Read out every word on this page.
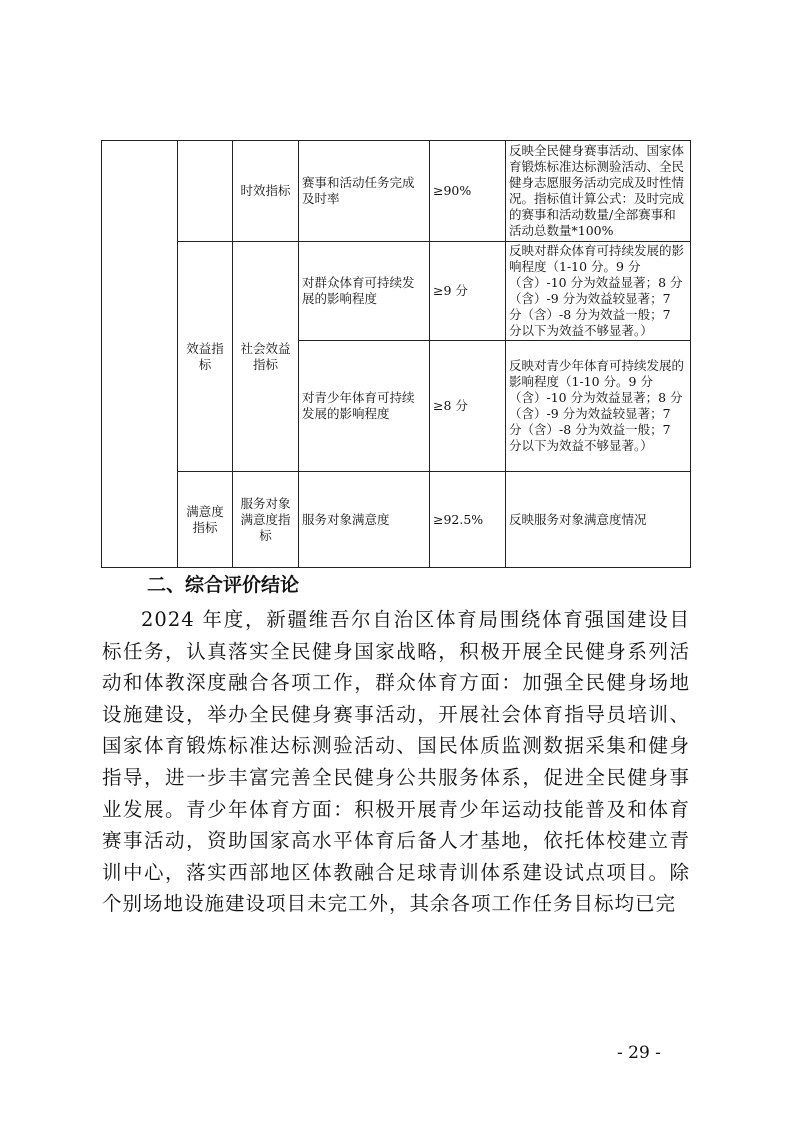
		时效指标	赛事和活动任务完成及时率	≥90%	反映全民健身赛事活动、国家体育锻炼标准达标测验活动、全民健身志愿服务活动完成及时性情况。指标值计算公式：及时完成的赛事和活动数量/全部赛事和活动总数量*100%
	效益指标	社会效益指标	对群众体育可持续发展的影响程度	≥9 分	反映对群众体育可持续发展的影响程度（1-10 分。9 分（含）-10 分为效益显著；8 分（含）-9 分为效益较显著；7 分（含）-8 分为效益一般；7 分以下为效益不够显著。）
			对青少年体育可持续发展的影响程度	≥8 分	反映对青少年体育可持续发展的影响程度（1-10 分。9 分（含）-10 分为效益显著；8 分（含）-9 分为效益较显著；7 分（含）-8 分为效益一般；7 分以下为效益不够显著。）
	满意度指标	服务对象满意度指标	服务对象满意度	≥92.5%	反映服务对象满意度情况
二、综合评价结论

2024 年度，新疆维吾尔自治区体育局围绕体育强国建设目标任务，认真落实全民健身国家战略，积极开展全民健身系列活动和体教深度融合各项工作，群众体育方面：加强全民健身场地设施建设，举办全民健身赛事活动，开展社会体育指导员培训、国家体育锻炼标准达标测验活动、国民体质监测数据采集和健身指导，进一步丰富完善全民健身公共服务体系，促进全民健身事业发展。青少年体育方面：积极开展青少年运动技能普及和体育赛事活动，资助国家高水平体育后备人才基地，依托体校建立青训中心，落实西部地区体教融合足球青训体系建设试点项目。除个别场地设施建设项目未完工外，其余各项工作任务目标均已完

- 29 -
